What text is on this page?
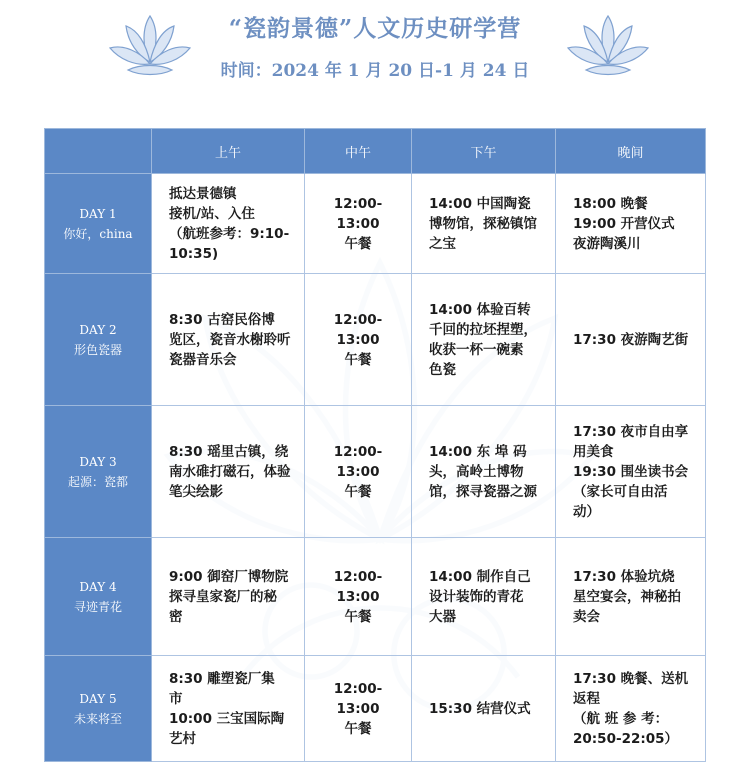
“瓷韵景德”人文历史研学营
时间：2024 年 1 月 20 日-1 月 24 日
	上午	中午	下午	晚间

DAY 1
你好，china	抵达景德镇
接机/站、入住
（航班参考：9:10-
10:35)	12:00-
13:00
午餐	14:00 中国陶瓷
博物馆，探秘镇馆
之宝	18:00 晚餐
19:00 开营仪式
夜游陶溪川

DAY 2
形色瓷器	8:30 古窑民俗博
览区，瓷音水榭聆听
瓷器音乐会	12:00-
13:00
午餐	14:00 体验百转
千回的拉坯捏塑，
收获一杯一碗素
色瓷	17:30 夜游陶艺街

DAY 3
起源：瓷都	8:30 瑶里古镇，绕
南水碓打磁石，体验
笔尖绘影	12:00-
13:00
午餐	14:00 东 埠 码
头，高岭土博物
馆，探寻瓷器之源	17:30 夜市自由享
用美食
19:30 围坐读书会
（家长可自由活
动）

DAY 4
寻迹青花	9:00 御窑厂博物院
探寻皇家瓷厂的秘
密	12:00-
13:00
午餐	14:00 制作自己
设计装饰的青花
大器	17:30 体验坑烧
星空宴会，神秘拍
卖会

DAY 5
未来将至	8:30 雕塑瓷厂集
市
10:00 三宝国际陶
艺村	12:00-
13:00
午餐	15:30 结营仪式	17:30 晚餐、送机
返程
（航 班 参 考：
20:50-22:05）
